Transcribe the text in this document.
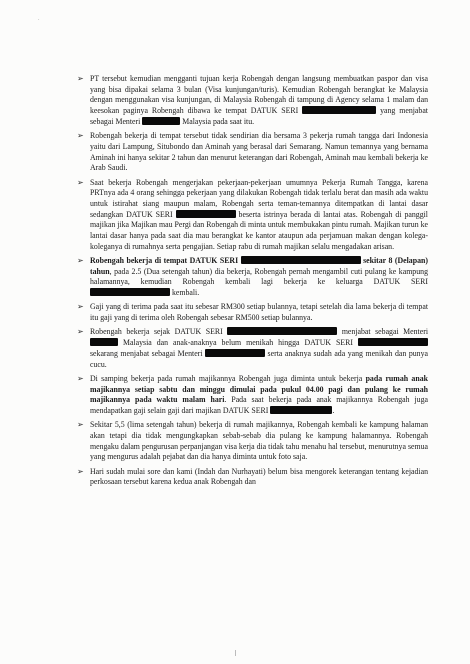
.
➢ PT tersebut kemudian mengganti tujuan kerja Robengah dengan langsung membuatkan paspor dan visa yang bisa dipakai selama 3 bulan (Visa kunjungan/turis). Kemudian Robengah berangkat ke Malaysia dengan menggunakan visa kunjungan, di Malaysia Robengah di tampung di Agency selama 1 malam dan keesokan paginya Robengah dibawa ke tempat DATUK SERI	yang menjabat sebagai Menteri	Malaysia pada saat itu.
➢ Robengah bekerja di tempat tersebut tidak sendirian dia bersama 3 pekerja rumah tangga dari Indonesia yaitu dari Lampung, Situbondo dan Aminah yang berasal dari Semarang. Namun temannya yang bernama Aminah ini hanya sekitar 2 tahun dan menurut keterangan dari Robengah, Aminah mau kembali bekerja ke Arab Saudi.
➢ Saat bekerja Robengah mengerjakan pekerjaan-pekerjaan umumnya Pekerja Rumah Tangga, karena PRTnya ada 4 orang sehingga pekerjaan yang dilakukan Robengah tidak terlalu berat dan masih ada waktu untuk istirahat siang maupun malam, Robengah serta teman-temannya ditempatkan di lantai dasar sedangkan DATUK SERI	beserta istrinya berada di lantai atas. Robengah di panggil majikan jika Majikan mau Pergi dan Robengah di minta untuk membukakan pintu rumah. Majikan turun ke lantai dasar hanya pada saat dia mau berangkat ke kantor ataupun ada perjamuan makan dengan kolega-koleganya di rumahnya serta pengajian. Setiap rabu di rumah majikan selalu mengadakan arisan.
➢ Robengah bekerja di tempat DATUK SERI	sekitar 8 (Delapan) tahun, pada 2.5 (Dua setengah tahun) dia bekerja, Robengah pernah mengambil cuti pulang ke kampung halamannya, kemudian Robengah kembali lagi bekerja ke keluarga DATUK SERI  kembali.
➢ Gaji yang di terima pada saat itu sebesar RM300 setiap bulannya, tetapi setelah dia lama bekerja di tempat itu gaji yang di terima oleh Robengah sebesar RM500 setiap bulannya.
➢ Robengah bekerja sejak DATUK SERI	menjabat sebagai Menteri  Malaysia dan anak-anaknya belum menikah hingga DATUK SERI  sekarang menjabat sebagai Menteri	serta anaknya sudah ada yang menikah dan punya cucu.
➢ Di samping bekerja pada rumah majikannya Robengah juga diminta untuk bekerja pada rumah anak majikannya setiap sabtu dan minggu dimulai pada pukul 04.00 pagi dan pulang ke rumah majikannya pada waktu malam hari. Pada saat bekerja pada anak majikannya Robengah juga mendapatkan gaji selain gaji dari majikan DATUK SERI	.
➢ Sekitar 5,5 (lima setengah tahun) bekerja di rumah majikannya, Robengah kembali ke kampung halaman akan tetapi dia tidak mengungkapkan sebab-sebab dia pulang ke kampung halamannya. Robengah mengaku dalam pengurusan perpanjangan visa kerja dia tidak tahu menahu hal tersebut, menurutnya semua yang mengurus adalah pejabat dan dia hanya diminta untuk foto saja.
➢ Hari sudah mulai sore dan kami (Indah dan Nurhayati) belum bisa mengorek keterangan tentang kejadian perkosaan tersebut karena kedua anak Robengah dan
